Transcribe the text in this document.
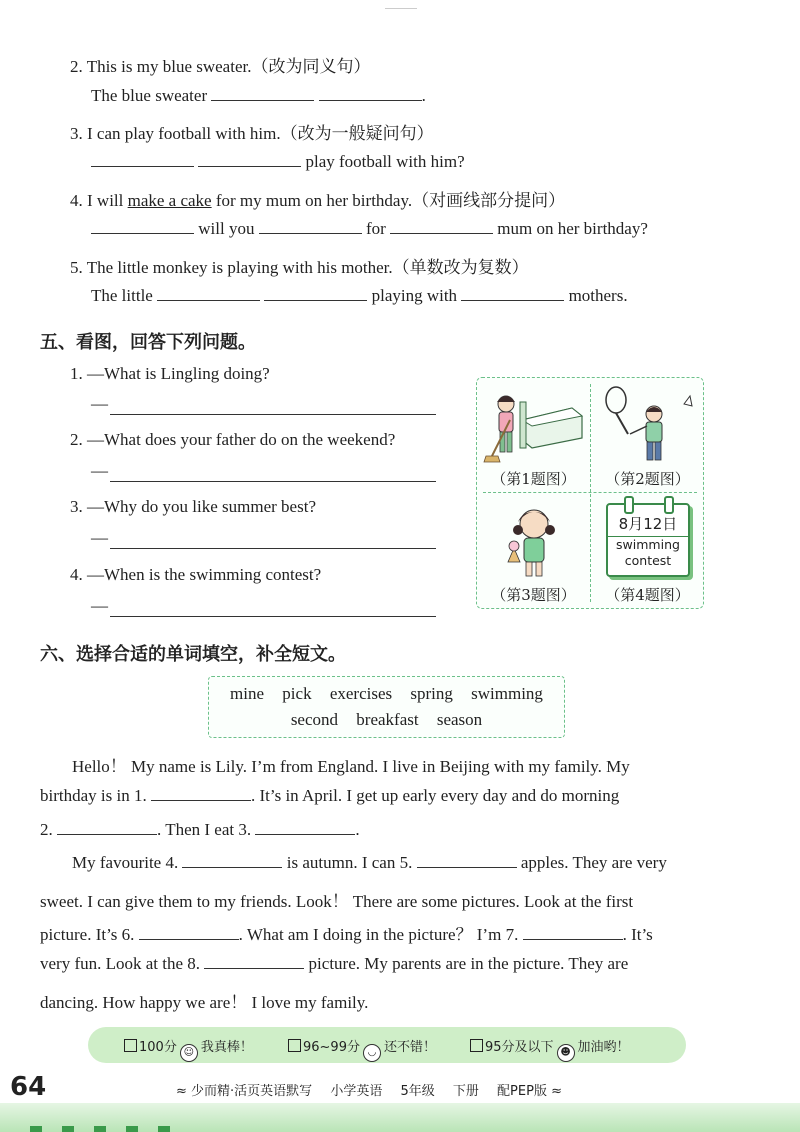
2. This is my blue sweater.（改为同义句）
The blue sweater	.
3. I can play football with him.（改为一般疑问句）
play football with him?
4. I will make a cake for my mum on her birthday.（对画线部分提问）
will you	for	mum on her birthday?
5. The little monkey is playing with his mother.（单数改为复数）
The little	playing with	mothers.
五、看图，回答下列问题。
1. —What is Lingling doing?
—
2. —What does your father do on the weekend?
—
3. —Why do you like summer best?
—
4. —When is the swimming contest?
—
8月12日
swimming
contest
（第1题图）	（第2题图）
（第3题图）	（第4题图）
六、选择合适的单词填空，补全短文。
mine pick exercises spring swimming
second breakfast season
Hello！ My name is Lily. I’m from England. I live in Beijing with my family. My
birthday is in 1.	. It’s in April. I get up early every day and do morning
2.	. Then I eat 3.	.
My favourite 4.	is autumn. I can 5.	apples. They are very
sweet. I can give them to my friends. Look！ There are some pictures. Look at the first
picture. It’s 6.	. What am I doing in the picture？ I’m 7.	. It’s
very fun. Look at the 8.	picture. My parents are in the picture. They are
dancing. How happy we are！ I love my family.
100分 ☺ 我真棒！	96~99分 ◡ 还不错！	95分及以下 ☻ 加油哟！
64	≈ 少而精·活页英语默写 小学英语 5年级 下册 配PEP版 ≈
